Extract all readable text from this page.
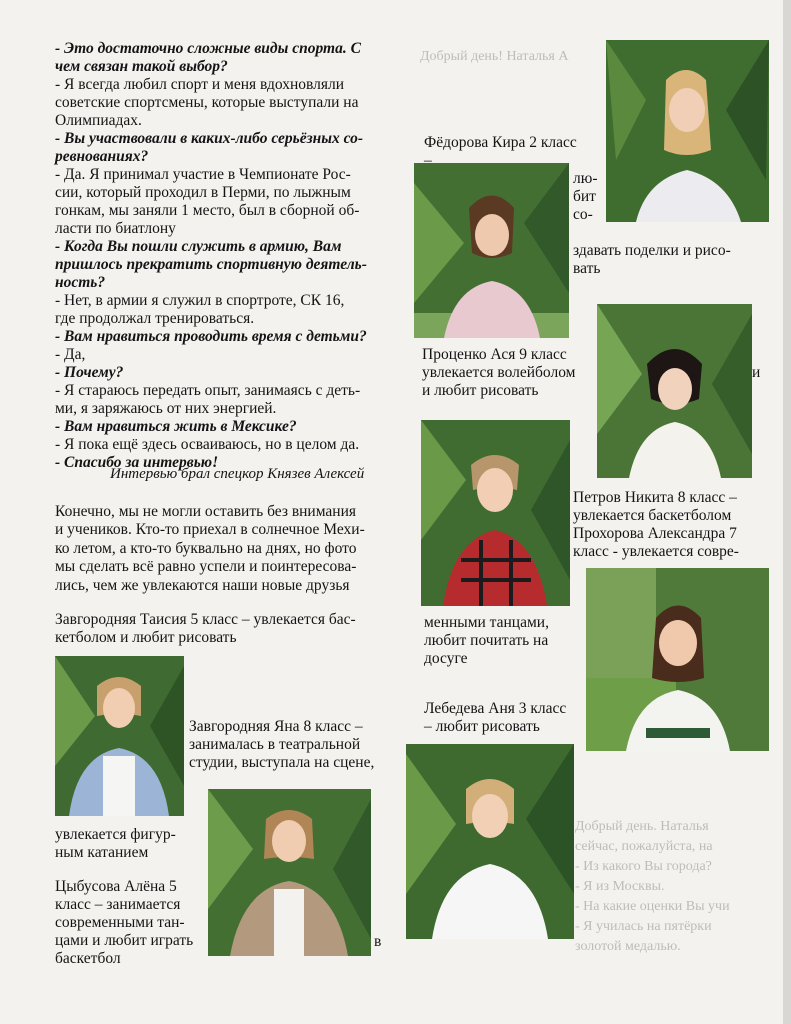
Добрый день! Наталья А
Добрый день. Наталья
сейчас, пожалуйста, на
- Из какого Вы города?
- Я из Москвы.
- На какие оценки Вы учи
- Я училась на пятёрки
золотой медалью.
- Это достаточно сложные виды спорта. С
чем связан такой выбор?
- Я всегда любил спорт и меня вдохновляли
советские спортсмены, которые выступали на
Олимпиадах.
- Вы участвовали в каких-либо серьёзных со-
ревнованиях?
- Да. Я принимал участие в Чемпионате Рос-
сии, который проходил в Перми, по лыжным
гонкам, мы заняли 1 место, был в сборной об-
ласти по биатлону
- Когда Вы пошли служить в армию, Вам
пришлось прекратить спортивную деятель-
ность?
- Нет, в армии я служил в спортроте, СК 16,
где продолжал тренироваться.
- Вам нравиться проводить время с детьми?
- Да,
- Почему?
- Я стараюсь передать опыт, занимаясь с деть-
ми, я заряжаюсь от них энергией.
- Вам нравиться жить в Мексике?
- Я пока ещё здесь осваиваюсь, но в целом да.
- Спасибо за интервью!
Интервью брал спецкор Князев Алексей
Конечно, мы не могли оставить без внимания
и учеников. Кто-то приехал в солнечное Мехи-
ко летом, а кто-то буквально на днях, но фото
мы сделать всё равно успели и поинтересова-
лись, чем же увлекаются наши новые друзья
Завгородняя Таисия 5 класс – увлекается бас-
кетболом и любит рисовать
Завгородняя Яна 8 класс –
занималась в театральной
студии, выступала на сцене,
увлекается фигур-
ным катанием
Цыбусова Алёна 5
класс – занимается
современными тан-
цами и любит играть
баскетбол
в
Фёдорова Кира 2 класс
–
лю-
бит
со-
здавать поделки и рисо-
вать
Проценко Ася 9 класс
увлекается волейболом
и любит рисовать
и
Петров Никита 8 класс –
увлекается баскетболом
Прохорова Александра 7
класс - увлекается совре-
менными танцами,
любит почитать на
досуге
Лебедева Аня 3 класс
– любит рисовать
